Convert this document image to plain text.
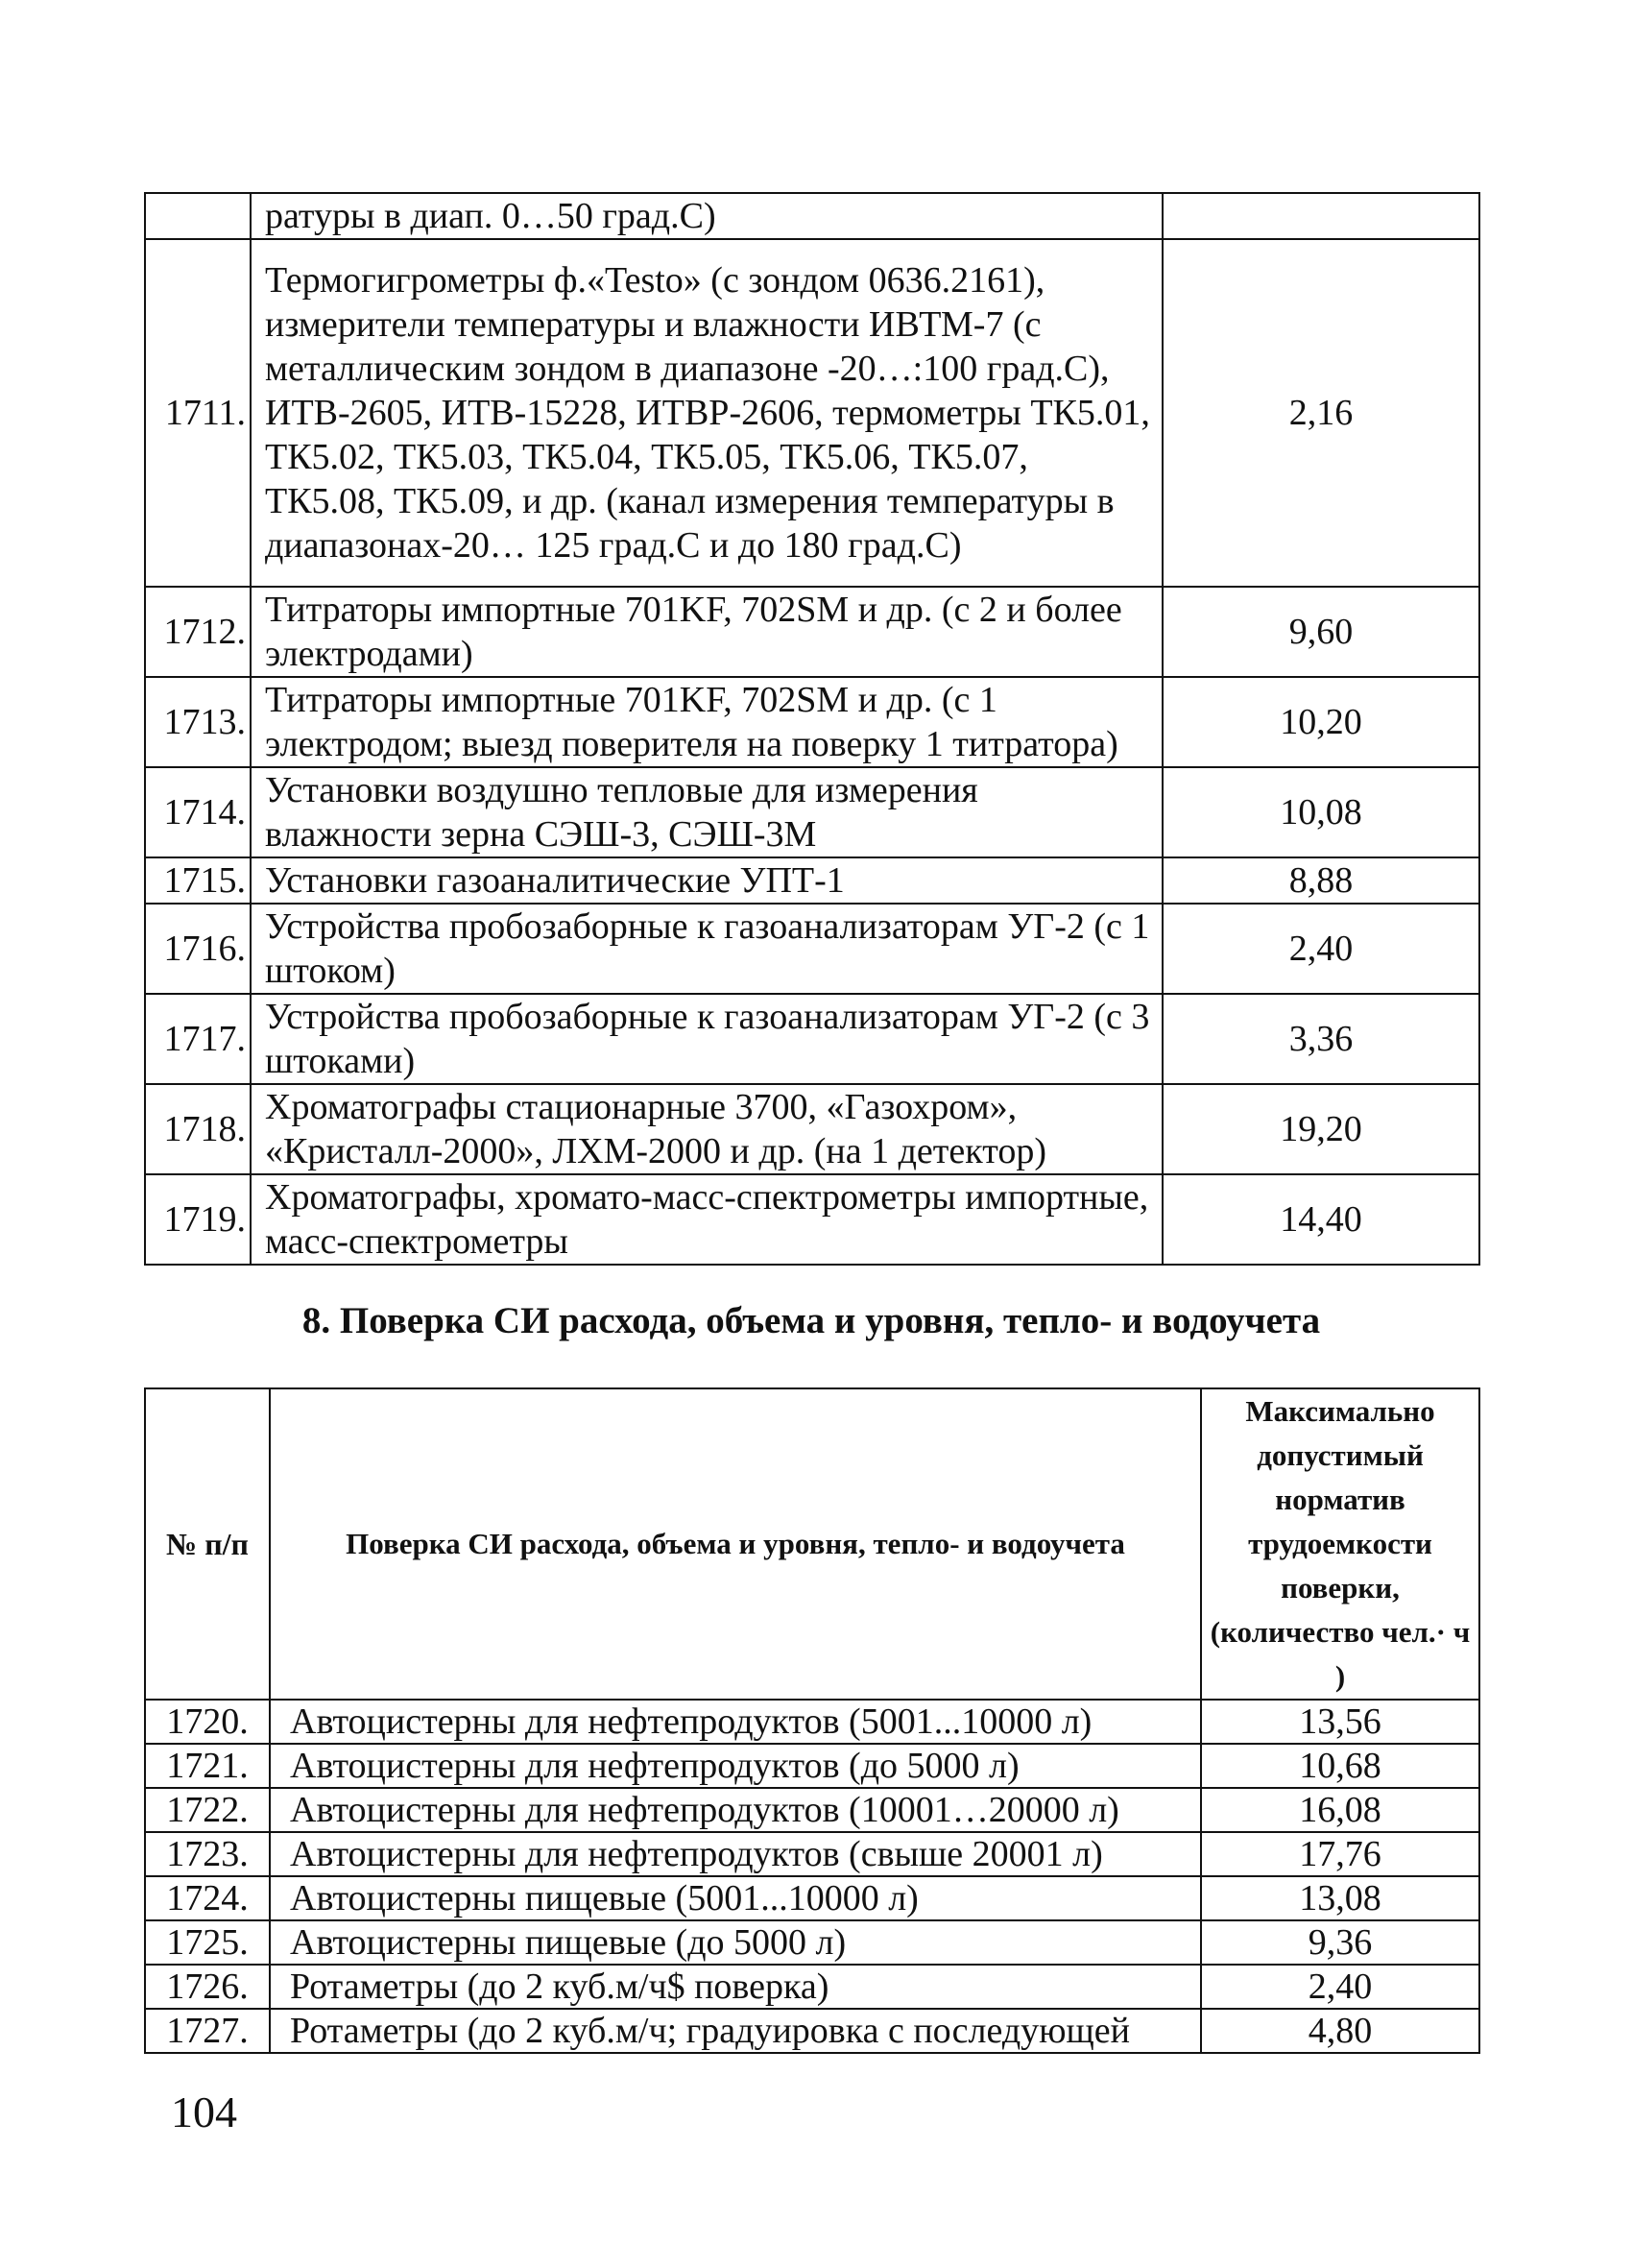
	ратуры в диап. 0…50 град.С)	
1711.	Термогигрометры ф.«Testo» (с зондом 0636.2161), измерители температуры и влажности ИВТМ-7 (с металлическим зондом в диапазоне -20…:100 град.С), ИТВ-2605, ИТВ-15228, ИТВР-2606, термометры ТК5.01, ТК5.02, ТК5.03, ТК5.04, ТК5.05, ТК5.06, ТК5.07, ТК5.08, ТК5.09, и др. (канал измерения температуры в диапазонах-20… 125 град.С и до 180 град.С)	2,16
1712.	Титраторы импортные 701KF, 702SM и др. (с 2 и более электродами)	9,60
1713.	Титраторы импортные 701KF, 702SM и др. (с 1 электродом; выезд поверителя на поверку 1 титратора)	10,20
1714.	Установки воздушно тепловые для измерения влажности зерна СЭШ-3, СЭШ-3М	10,08
1715.	Установки газоаналитические УПТ-1	8,88
1716.	Устройства пробозаборные к газоанализаторам УГ-2 (с 1 штоком)	2,40
1717.	Устройства пробозаборные к газоанализаторам УГ-2 (с 3 штоками)	3,36
1718.	Хроматографы стационарные 3700, «Газохром», «Кристалл-2000», ЛХМ-2000 и др. (на 1 детектор)	19,20
1719.	Хроматографы, хромато-масс-спектрометры импортные, масс-спектрометры	14,40
8. Поверка СИ расхода, объема и уровня, тепло- и водоучета
№ п/п	Поверка СИ расхода, объема и уровня, тепло- и водоучета	Максимально допустимый норматив трудоемкости поверки, (количество чел.· ч )
1720.	Автоцистерны для нефтепродуктов (5001...10000 л)	13,56
1721.	Автоцистерны для нефтепродуктов (до 5000 л)	10,68
1722.	Автоцистерны для нефтепродуктов (10001…20000 л)	16,08
1723.	Автоцистерны для нефтепродуктов (свыше 20001 л)	17,76
1724.	Автоцистерны пищевые (5001...10000 л)	13,08
1725.	Автоцистерны пищевые (до 5000 л)	9,36
1726.	Ротаметры (до 2 куб.м/ч$ поверка)	2,40
1727.	Ротаметры (до 2 куб.м/ч; градуировка с последующей	4,80
104
